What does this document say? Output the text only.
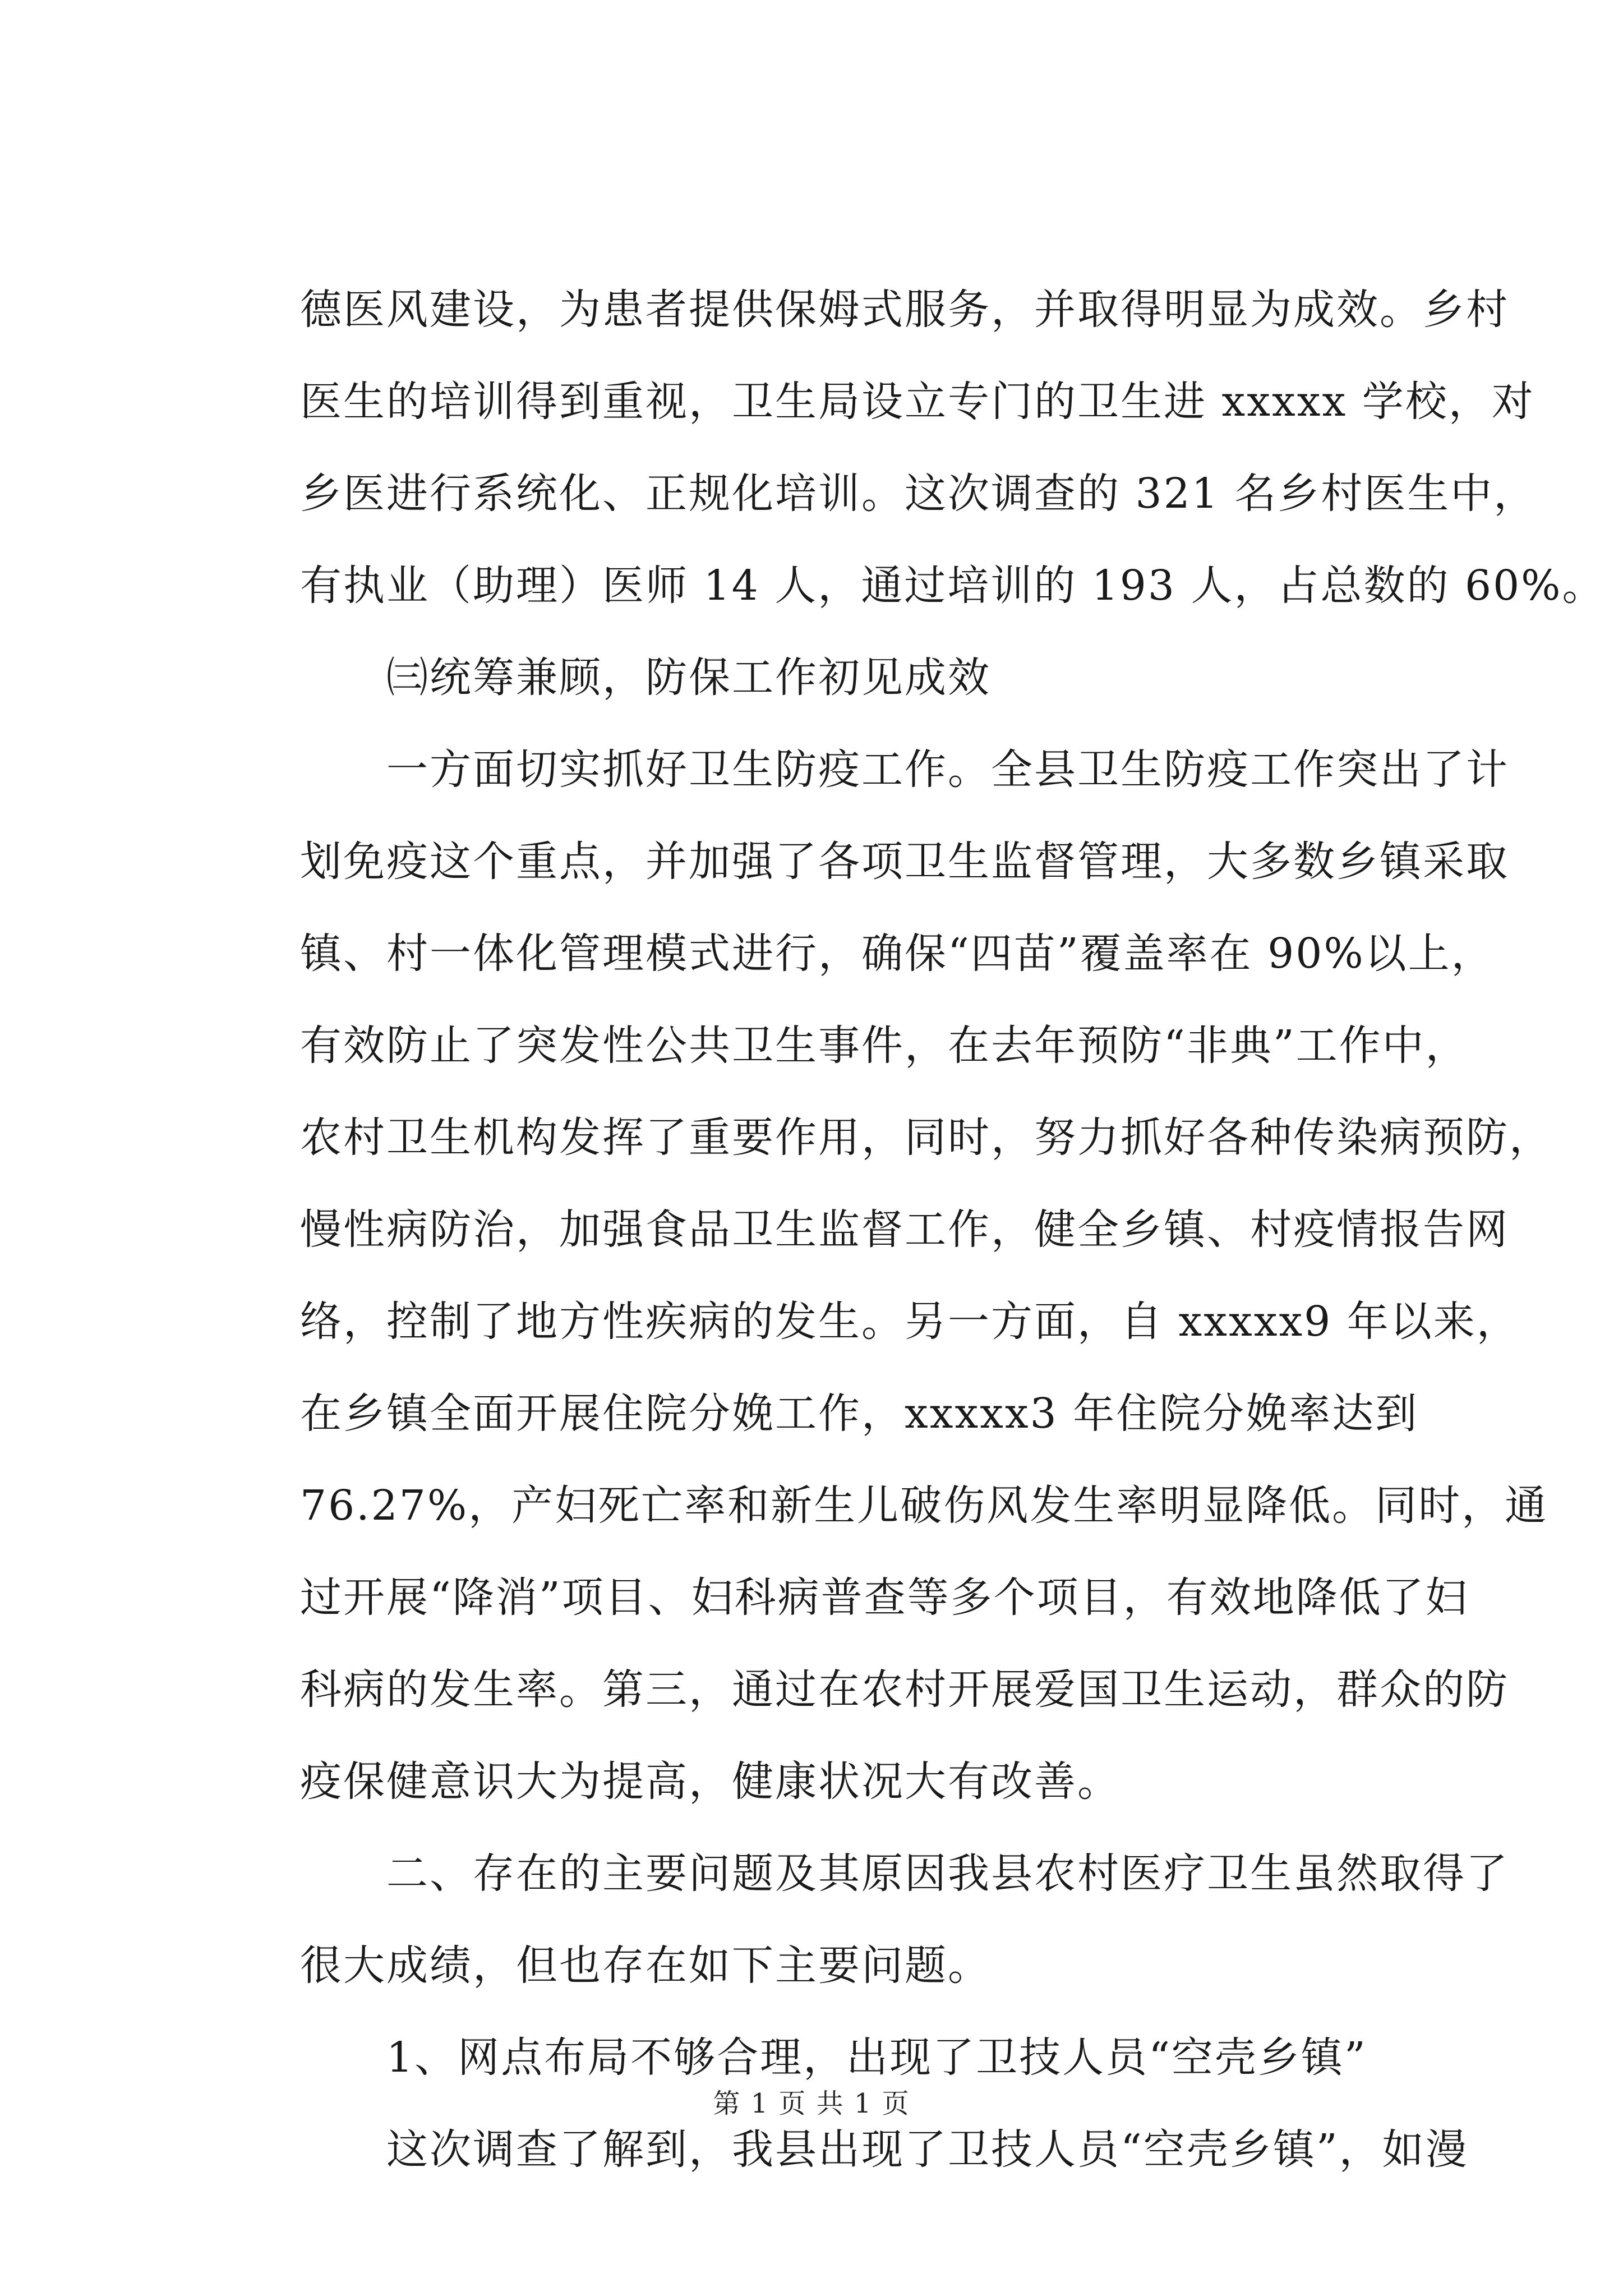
德医风建设，为患者提供保姆式服务，并取得明显为成效。乡村
医生的培训得到重视，卫生局设立专门的卫生进 xxxxx 学校，对
乡医进行系统化、正规化培训。这次调查的 321 名乡村医生中，
有执业（助理）医师 14 人，通过培训的 193 人，占总数的 60%。
　　㈢统筹兼顾，防保工作初见成效
　　一方面切实抓好卫生防疫工作。全县卫生防疫工作突出了计
划免疫这个重点，并加强了各项卫生监督管理，大多数乡镇采取
镇、村一体化管理模式进行，确保“四苗”覆盖率在 90%以上，
有效防止了突发性公共卫生事件，在去年预防“非典”工作中，
农村卫生机构发挥了重要作用，同时，努力抓好各种传染病预防，
慢性病防治，加强食品卫生监督工作，健全乡镇、村疫情报告网
络，控制了地方性疾病的发生。另一方面，自 xxxxx9 年以来，
在乡镇全面开展住院分娩工作，xxxxx3 年住院分娩率达到
76.27%，产妇死亡率和新生儿破伤风发生率明显降低。同时，通
过开展“降消”项目、妇科病普查等多个项目，有效地降低了妇
科病的发生率。第三，通过在农村开展爱国卫生运动，群众的防
疫保健意识大为提高，健康状况大有改善。
　　二、存在的主要问题及其原因我县农村医疗卫生虽然取得了
很大成绩，但也存在如下主要问题。
　　1、网点布局不够合理，出现了卫技人员“空壳乡镇”
　　这次调查了解到，我县出现了卫技人员“空壳乡镇”，如漫
第 1 页 共 1 页
